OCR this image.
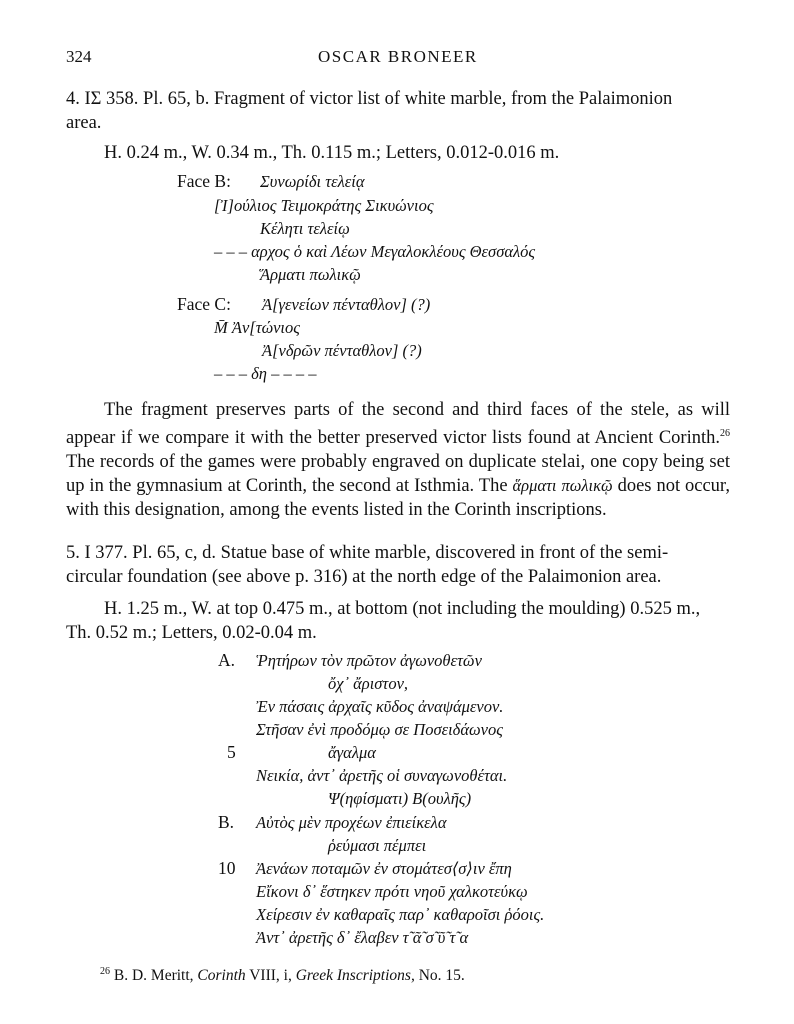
324	OSCAR BRONEER
4. IΣ 358. Pl. 65, b. Fragment of victor list of white marble, from the Palaimonion
area.
H. 0.24 m., W. 0.34 m., Th. 0.115 m.; Letters, 0.012-0.016 m.
Face B: Συνωρίδι τελείᾳ
[Ἰ]ούλιος Τειμοκράτης Σικυώνιος
Κέλητι τελείῳ
– – – αρχος ὁ καὶ Λέων Μεγαλοκλέους Θεσσαλός
Ἅρματι πωλικῷ
Face C: Ἀ[γενείων πένταθλον] (?)
M̄ Ἀν[τώνιος
Ἀ[νδρῶν πένταθλον] (?)
– – – δη – – – –
The fragment preserves parts of the second and third faces of the stele, as will appear if we compare it with the better preserved victor lists found at Ancient Corinth.$^{26}$ The records of the games were probably engraved on duplicate stelai, one copy being set up in the gymnasium at Corinth, the second at Isthmia. The ἅρματι πωλικῷ does not occur, with this designation, among the events listed in the Corinth inscriptions.
5. I 377. Pl. 65, c, d. Statue base of white marble, discovered in front of the semi-
circular foundation (see above p. 316) at the north edge of the Palaimonion area.
H. 1.25 m., W. at top 0.475 m., at bottom (not including the moulding) 0.525 m.,
Th. 0.52 m.; Letters, 0.02-0.04 m.
A. Ῥητήρων τὸν πρῶτον ἀγωνοθετῶν
ὄχ᾽ ἄριστον,
Ἐν πάσαις ἀρχαῖς κῦδος ἀναψάμενον.
Στῆσαν ἐνὶ προδόμῳ σε Ποσειδάωνος
5	ἄγαλμα
Νεικία, ἀντ᾽ ἀρετῆς οἱ συναγωνοθέται.
Ψ(ηφίσματι) Β(ουλῆς)
B. Αὐτὸς μὲν προχέων ἐπιείκελα
ῥεύμασι πέμπει
10 Ἀενάων ποταμῶν ἐν στομάτεσ⟨σ⟩ιν ἔπη
Εἴκονι δ᾽ ἕστηκεν πρότι νηοῦ χαλκοτεύκῳ
Χείρεσιν ἐν καθαραῖς παρ᾽ καθαροῖσι ῥόοις.
Ἀντ᾽ ἀρετῆς δ᾽ ἔλαβεν τ̃ ᾶ̃ σ̃ ῦ̃ τ̃ α
$^{26}$ B. D. Meritt, Corinth VIII, i, Greek Inscriptions, No. 15.
